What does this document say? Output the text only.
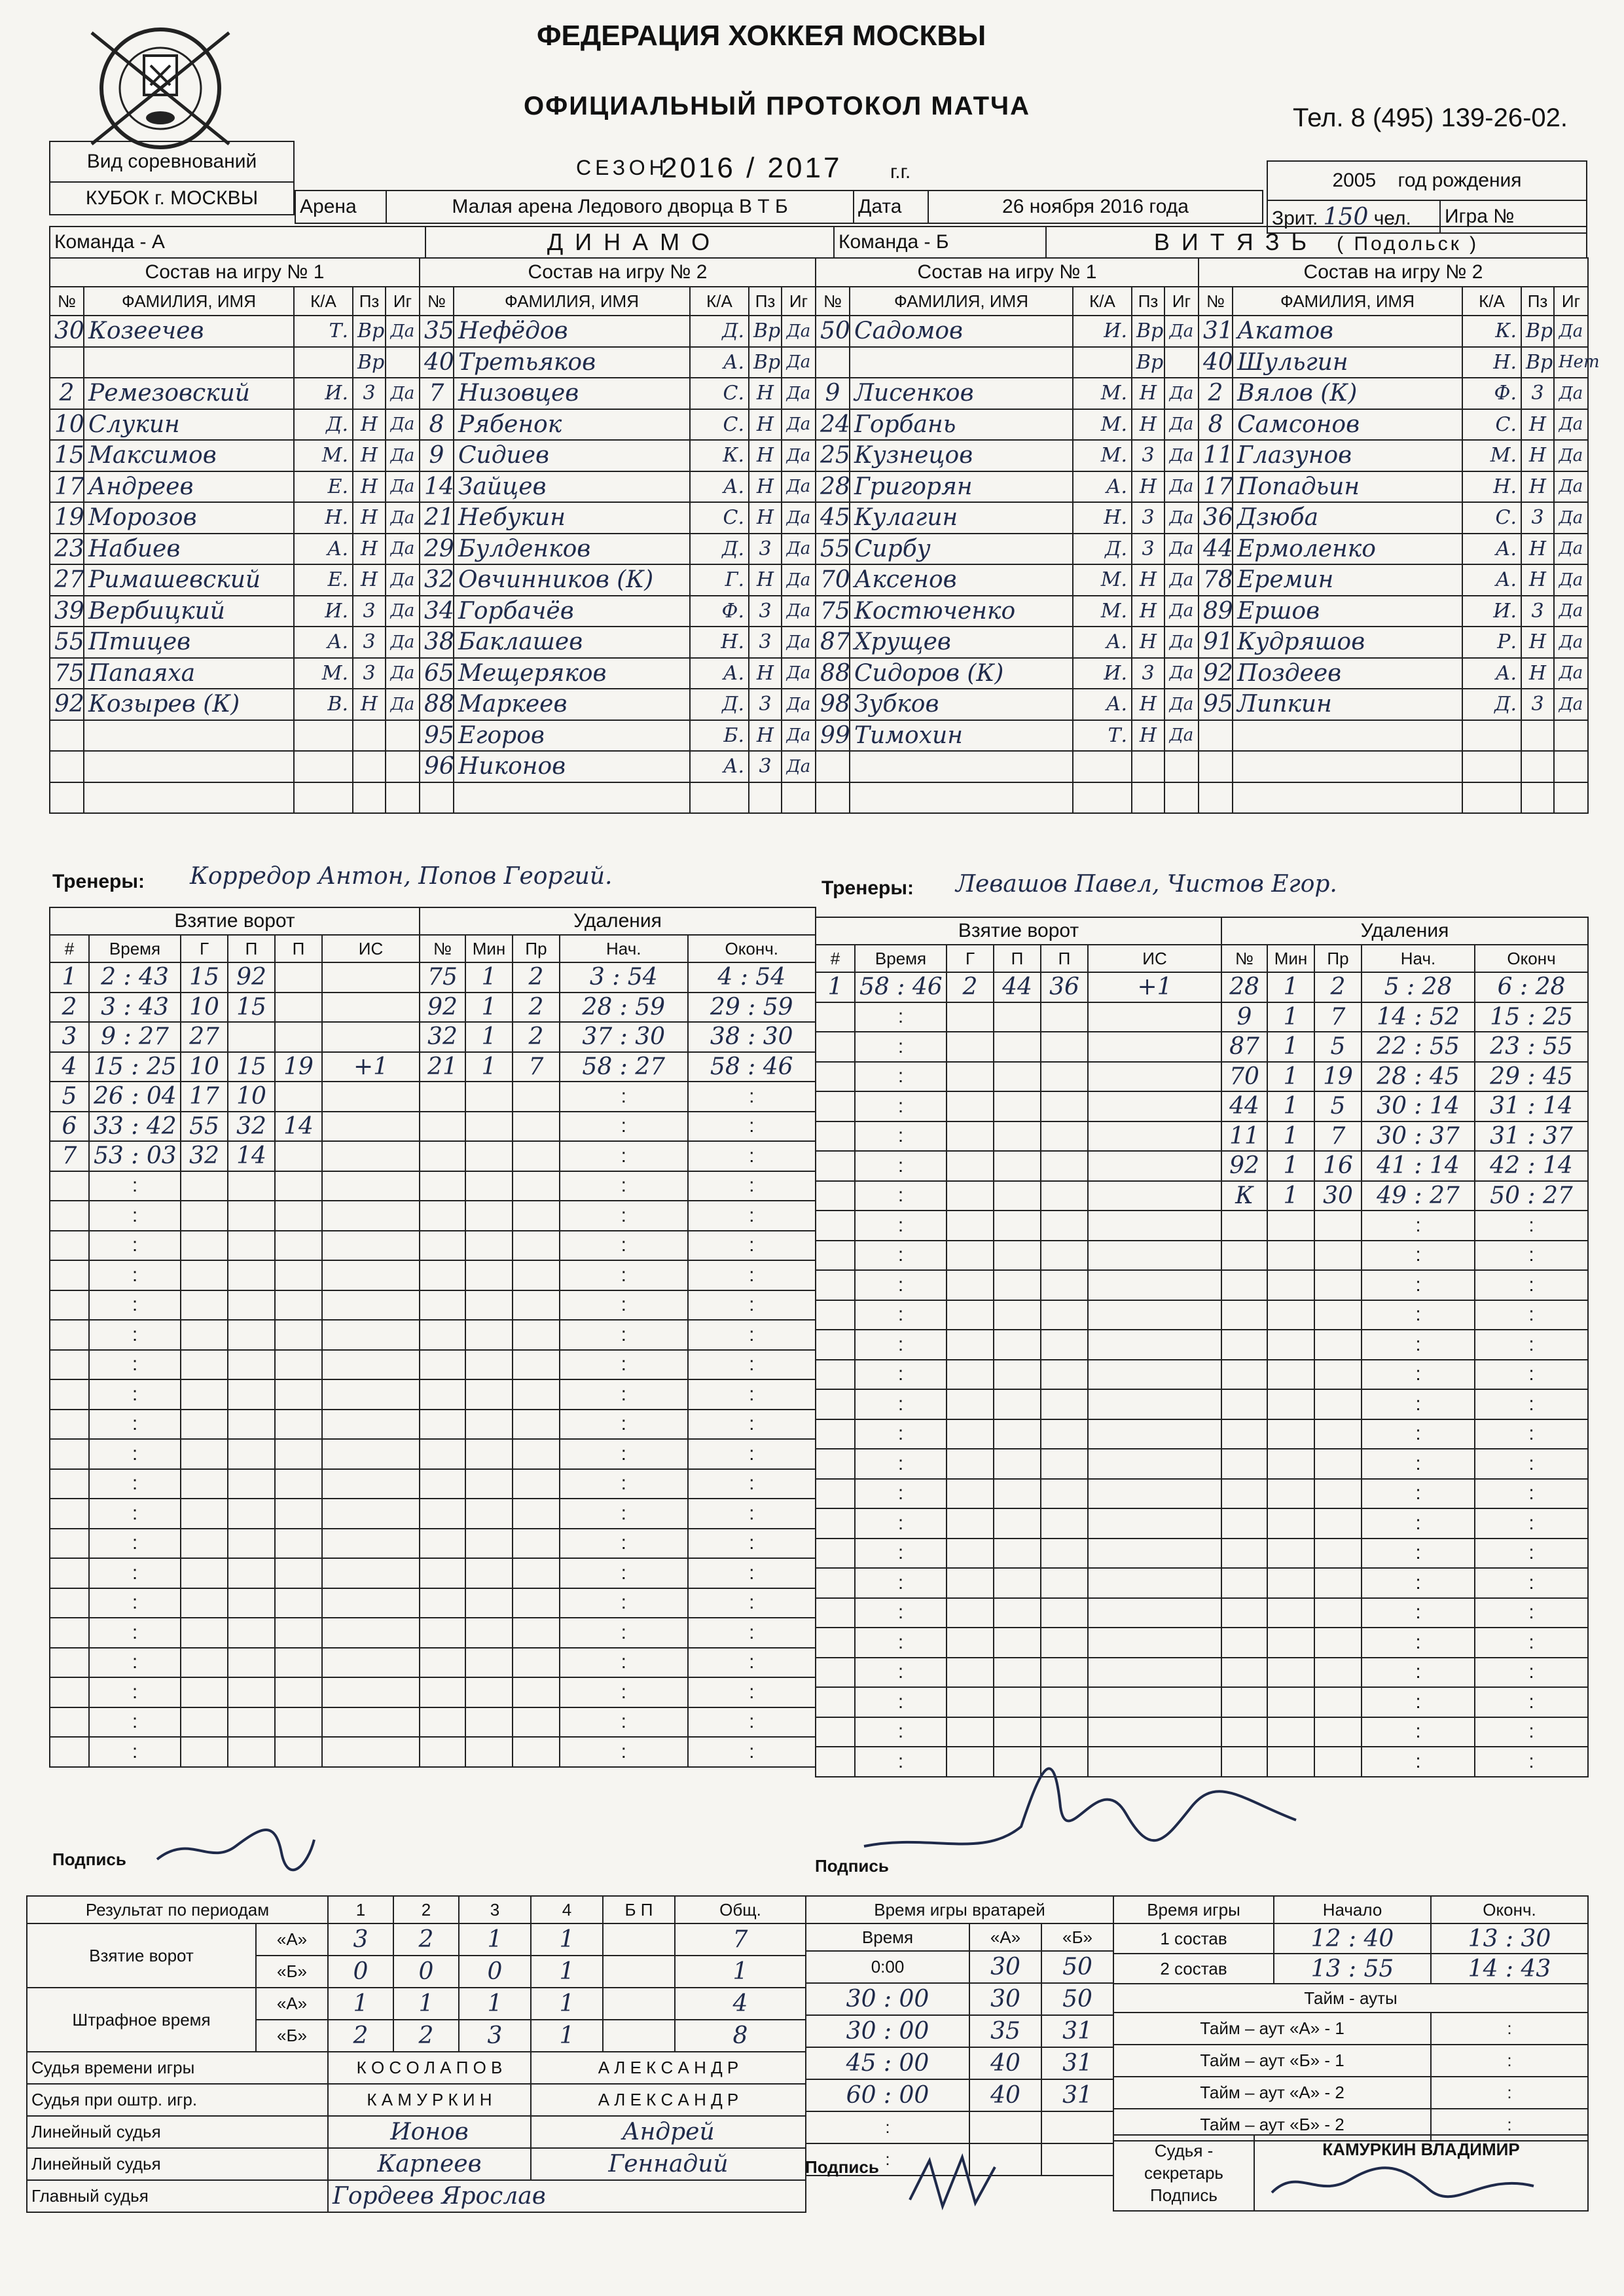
ФЕДЕРАЦИЯ ХОККЕЯ МОСКВЫ
ОФИЦИАЛЬНЫЙ ПРОТОКОЛ МАТЧА	Тел. 8 (495) 139-26-02.
Вид соревнований
КУБОК г. МОСКВЫ
СЕЗОН
2016 / 2017 г.г.
Арена	Малая арена Ледового дворца В Т Б	Дата	26 ноября 2016 года
2005 год рождения
Зрит. 150 чел.	Игра №
Команда - А	Д И Н А М О	Команда - Б	В И Т Я З Ь ( Подольск )
Состав на игру № 1				
№	ФАМИЛИЯ, ИМЯ	К/А	Пз	Иг
30	Козеечев	Т.	Вр	Да
			Вр	
2	Ремезовский	И.	3	Да
10	Слукин	Д.	Н	Да
15	Максимов	М.	Н	Да
17	Андреев	Е.	Н	Да
19	Морозов	Н.	Н	Да
23	Набиев	А.	Н	Да
27	Римашевский	Е.	Н	Да
39	Вербицкий	И.	3	Да
55	Птицев	А.	3	Да
75	Папаяха	М.	3	Да
92	Козырев (К)	В.	Н	Да

Состав на игру № 2				
№	ФАМИЛИЯ, ИМЯ	К/А	Пз	Иг
35	Нефёдов	Д.	Вр	Да
40	Третьяков	А.	Вр	Да
7	Низовцев	С.	Н	Да
8	Рябенок	С.	Н	Да
9	Сидиев	К.	Н	Да
14	Зайцев	А.	Н	Да
21	Небукин	С.	Н	Да
29	Булденков	Д.	3	Да
32	Овчинников (К)	Г.	Н	Да
34	Горбачёв	Ф.	3	Да
38	Баклашев	Н.	3	Да
65	Мещеряков	А.	Н	Да
88	Маркеев	Д.	3	Да
95	Егоров	Б.	Н	Да
96	Никонов	А.	3	Да

Состав на игру № 1				
№	ФАМИЛИЯ, ИМЯ	К/А	Пз	Иг
50	Садомов	И.	Вр	Да
			Вр	
9	Лисенков	М.	Н	Да
24	Горбань	М.	Н	Да
25	Кузнецов	М.	3	Да
28	Григорян	А.	Н	Да
45	Кулагин	Н.	3	Да
55	Сирбу	Д.	3	Да
70	Аксенов	М.	Н	Да
75	Костюченко	М.	Н	Да
87	Хрущев	А.	Н	Да
88	Сидоров (К)	И.	3	Да
98	Зубков	А.	Н	Да
99	Тимохин	Т.	Н	Да

Состав на игру № 2				
№	ФАМИЛИЯ, ИМЯ	К/А	Пз	Иг
31	Акатов	К.	Вр	Да
40	Шульгин	Н.	Вр	Нет
2	Вялов (К)	Ф.	3	Да
8	Самсонов	С.	Н	Да
11	Глазунов	М.	Н	Да
17	Попадьин	Н.	Н	Да
36	Дзюба	С.	3	Да
44	Ермоленко	А.	Н	Да
78	Еремин	А.	Н	Да
89	Ершов	И.	3	Да
91	Кудряшов	Р.	Н	Да
92	Поздеев	А.	Н	Да
95	Липкин	Д.	3	Да

Тренеры: Корредор Антон, Попов Георгий.	Тренеры: Левашов Павел, Чистов Егор.
Взятие ворот					
#	Время	Г	П	П	ИС
1	2 : 43	15	92		
2	3 : 43	10	15		
3	9 : 27	27			
4	15 : 25	10	15	19	+1
5	26 : 04	17	10		
6	33 : 42	55	32	14	
7	53 : 03	32	14		
	:				
	:				
	:				
	:				
	:				
	:				
	:				
	:				
	:				
	:				
	:				
	:				
	:				
	:				
	:				
	:				
	:				
	:				
	:				
	:				
Удаления				
№	Мин	Пр	Нач.	Оконч.
75	1	2	3 : 54	4 : 54
92	1	2	28 : 59	29 : 59
32	1	2	37 : 30	38 : 30
21	1	7	58 : 27	58 : 46
			:	:
			:	:
			:	:
			:	:
			:	:
			:	:
			:	:
			:	:
			:	:
			:	:
			:	:
			:	:
			:	:
			:	:
			:	:
			:	:
			:	:
			:	:
			:	:
			:	:
			:	:
			:	:
			:	:
Взятие ворот					
#	Время	Г	П	П	ИС
1	58 : 46	2	44	36	+1
	:				
	:				
	:				
	:				
	:				
	:				
	:				
	:				
	:				
	:				
	:				
	:				
	:				
	:				
	:				
	:				
	:				
	:				
	:				
	:				
	:				
	:				
	:				
	:				
	:				
	:				
Удаления				
№	Мин	Пр	Нач.	Оконч
28	1	2	5 : 28	6 : 28
9	1	7	14 : 52	15 : 25
87	1	5	22 : 55	23 : 55
70	1	19	28 : 45	29 : 45
44	1	5	30 : 14	31 : 14
11	1	7	30 : 37	31 : 37
92	1	16	41 : 14	42 : 14
К	1	30	49 : 27	50 : 27
			:	:
			:	:
			:	:
			:	:
			:	:
			:	:
			:	:
			:	:
			:	:
			:	:
			:	:
			:	:
			:	:
			:	:
			:	:
			:	:
			:	:
			:	:
			:	:
Подпись	Подпись
Результат по периодам		1	2	3	4	Б П	Общ.
Взятие ворот	«А»	3	2	1	1		7
	«Б»	0	0	0	1		1
Штрафное время	«А»	1	1	1	1		4
	«Б»	2	2	3	1		8
Судья времени игры		К О С О Л А П О В			А Л Е К С А Н Д Р		
Судья при оштр. игр.		К А М У Р К И Н			А Л Е К С А Н Д Р		
Линейный судья		Ионов			Андрей		
Линейный судья		Карпеев			Геннадий		
Главный судья		Гордеев Ярослав					
Время игры вратарей		
Время	«А»	«Б»
0:00	30	50
30 : 00	30	50
30 : 00	35	31
45 : 00	40	31
60 : 00	40	31
:		
:		
Подпись
Время игры	Начало	Оконч.
1 состав	12 : 40	13 : 30
2 состав	13 : 55	14 : 43
Тайм - ауты		
Тайм – аут «А» - 1		:
Тайм – аут «Б» - 1		:
Тайм – аут «А» - 2		:
Тайм – аут «Б» - 2		:
Судья - секретарь Подпись	
КАМУРКИН ВЛАДИМИР
